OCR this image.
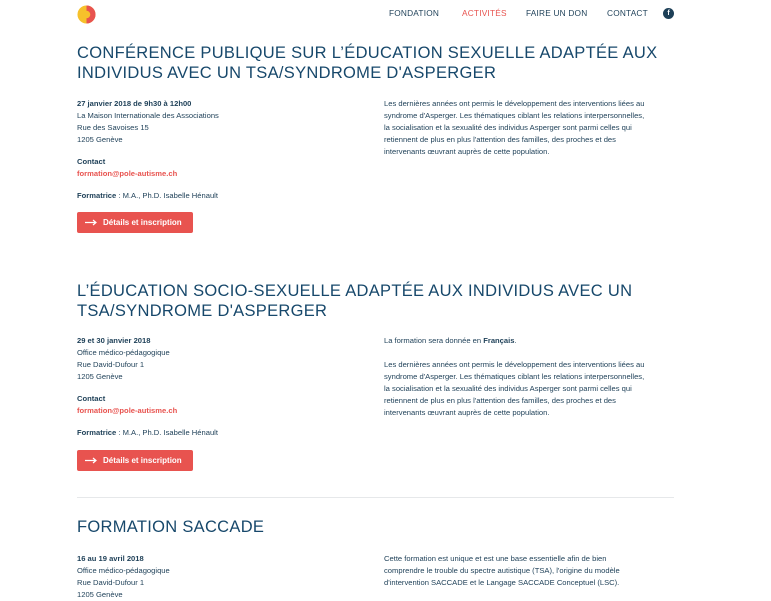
FONDATION	ACTIVITÉS FAIRE UN DON CONTACT	f
CONFÉRENCE PUBLIQUE SUR L’ÉDUCATION SEXUELLE ADAPTÉE AUX
INDIVIDUS AVEC UN TSA/SYNDROME D'ASPERGER
27 janvier 2018 de 9h30 à 12h00
La Maison Internationale des Associations
Rue des Savoises 15
1205 Genève
Contact
formation@pole-autisme.ch
Formatrice : M.A., Ph.D. Isabelle Hénault
Détails et inscription
Les dernières années ont permis le développement des interventions liées au
syndrome d'Asperger. Les thématiques ciblant les relations interpersonnelles,
la socialisation et la sexualité des individus Asperger sont parmi celles qui
retiennent de plus en plus l'attention des familles, des proches et des
intervenants œuvrant auprès de cette population.
L’ÉDUCATION SOCIO-SEXUELLE ADAPTÉE AUX INDIVIDUS AVEC UN
TSA/SYNDROME D'ASPERGER
29 et 30 janvier 2018
Office médico-pédagogique
Rue David-Dufour 1
1205 Genève
Contact
formation@pole-autisme.ch
Formatrice : M.A., Ph.D. Isabelle Hénault
Détails et inscription
La formation sera donnée en Français.
Les dernières années ont permis le développement des interventions liées au
syndrome d'Asperger. Les thématiques ciblant les relations interpersonnelles,
la socialisation et la sexualité des individus Asperger sont parmi celles qui
retiennent de plus en plus l'attention des familles, des proches et des
intervenants œuvrant auprès de cette population.
FORMATION SACCADE
16 au 19 avril 2018
Office médico-pédagogique
Rue David-Dufour 1
1205 Genève
Cette formation est unique et est une base essentielle afin de bien
comprendre le trouble du spectre autistique (TSA), l'origine du modèle
d'intervention SACCADE et le Langage SACCADE Conceptuel (LSC).
